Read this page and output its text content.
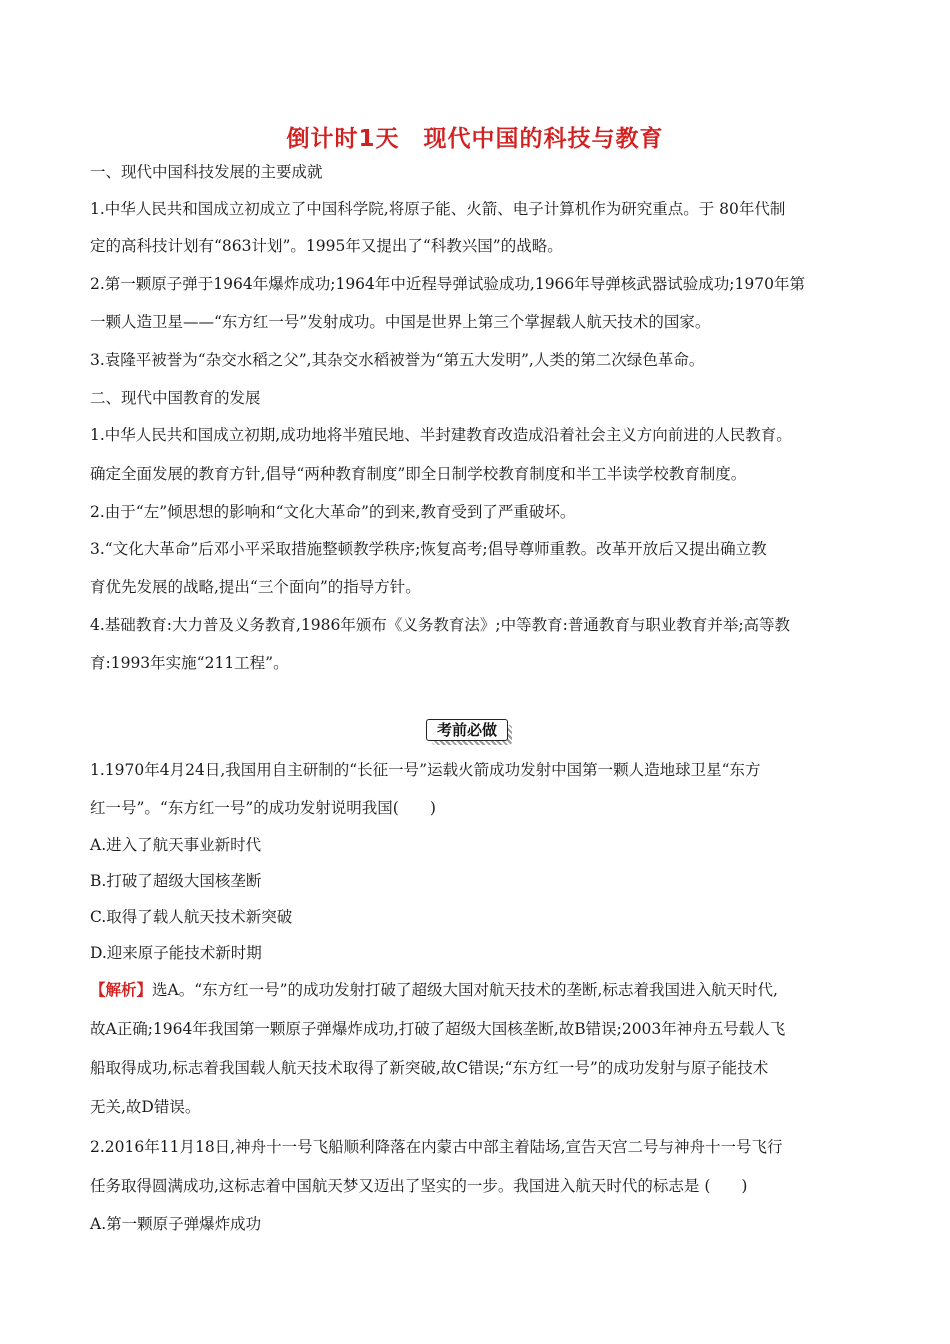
倒计时1天　现代中国的科技与教育
一、现代中国科技发展的主要成就
1.中华人民共和国成立初成立了中国科学院,将原子能、火箭、电子计算机作为研究重点。于 80年代制
定的高科技计划有“863计划”。1995年又提出了“科教兴国”的战略。
2.第一颗原子弹于1964年爆炸成功;1964年中近程导弹试验成功,1966年导弹核武器试验成功;1970年第
一颗人造卫星——“东方红一号”发射成功。中国是世界上第三个掌握载人航天技术的国家。
3.袁隆平被誉为“杂交水稻之父”,其杂交水稻被誉为“第五大发明”,人类的第二次绿色革命。
二、现代中国教育的发展
1.中华人民共和国成立初期,成功地将半殖民地、半封建教育改造成沿着社会主义方向前进的人民教育。
确定全面发展的教育方针,倡导“两种教育制度”即全日制学校教育制度和半工半读学校教育制度。
2.由于“左”倾思想的影响和“文化大革命”的到来,教育受到了严重破坏。
3.“文化大革命”后邓小平采取措施整顿教学秩序;恢复高考;倡导尊师重教。改革开放后又提出确立教
育优先发展的战略,提出“三个面向”的指导方针。
4.基础教育:大力普及义务教育,1986年颁布《义务教育法》;中等教育:普通教育与职业教育并举;高等教
育:1993年实施“211工程”。
考前必做
1.1970年4月24日,我国用自主研制的“长征一号”运载火箭成功发射中国第一颗人造地球卫星“东方
红一号”。“东方红一号”的成功发射说明我国(　　)
A.进入了航天事业新时代
B.打破了超级大国核垄断
C.取得了载人航天技术新突破
D.迎来原子能技术新时期
【解析】选A。“东方红一号”的成功发射打破了超级大国对航天技术的垄断,标志着我国进入航天时代,
故A正确;1964年我国第一颗原子弹爆炸成功,打破了超级大国核垄断,故B错误;2003年神舟五号载人飞
船取得成功,标志着我国载人航天技术取得了新突破,故C错误;“东方红一号”的成功发射与原子能技术
无关,故D错误。
2.2016年11月18日,神舟十一号飞船顺利降落在内蒙古中部主着陆场,宣告天宫二号与神舟十一号飞行
任务取得圆满成功,这标志着中国航天梦又迈出了坚实的一步。我国进入航天时代的标志是 (　　)
A.第一颗原子弹爆炸成功
